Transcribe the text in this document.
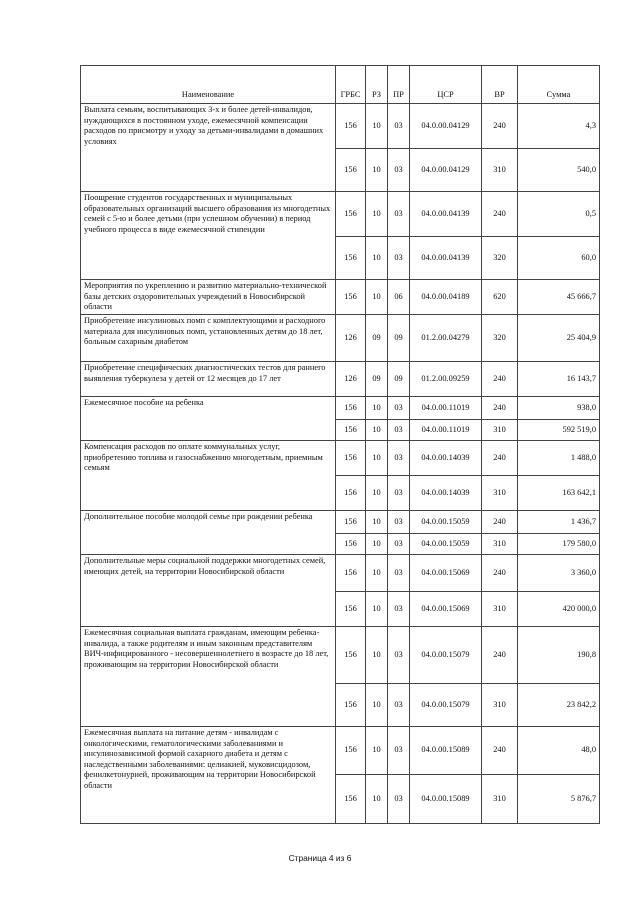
Наименование	ГРБС	РЗ	ПР	ЦСР	ВР	Сумма
Выплата семьям, воспитывающих 3-х и более детей-инвалидов, нуждающихся в постоянном уходе, ежемесячной компенсации расходов по присмотру и уходу за детьми-инвалидами в домашних условиях	156	10	03	04.0.00.04129	240	4,3
	156	10	03	04.0.00.04129	310	540,0
Поощрение студентов государственных и муниципальных образовательных организаций высшего образования из многодетных семей с 5-ю и более детьми (при успешном обучении) в период учебного процесса в виде ежемесячной стипендии	156	10	03	04.0.00.04139	240	0,5
	156	10	03	04.0.00.04139	320	60,0
Мероприятия по укреплению и развитию материально-технической базы детских оздоровительных учреждений в Новосибирской области	156	10	06	04.0.00.04189	620	45 666,7
Приобретение инсулиновых помп с комплектующими и расходного материала для инсулиновых помп, установленных детям до 18 лет, больным сахарным диабетом	126	09	09	01.2.00.04279	320	25 404,9
Приобретение специфических диагностических тестов для раннего выявления туберкулеза у детей от 12 месяцев до 17 лет	126	09	09	01.2.00.09259	240	16 143,7
Ежемесячное пособие на ребенка	156	10	03	04.0.00.11019	240	938,0
	156	10	03	04.0.00.11019	310	592 519,0
Компенсация расходов по оплате коммунальных услуг, приобретению топлива и газоснабжению многодетным, приемным семьям	156	10	03	04.0.00.14039	240	1 488,0
	156	10	03	04.0.00.14039	310	163 642,1
Дополнительное пособие молодой семье при рождении ребенка	156	10	03	04.0.00.15059	240	1 436,7
	156	10	03	04.0.00.15059	310	179 580,0
Дополнительные меры социальной поддержки многодетных семей, имеющих детей, на территории Новосибирской области	156	10	03	04.0.00.15069	240	3 360,0
	156	10	03	04.0.00.15069	310	420 000,0
Ежемесячная социальная выплата гражданам, имеющим ребенка-инвалида, а также родителям и иным законным представителям ВИЧ-инфицированного - несовершеннолетнего в возрасте до 18 лет, проживающим на территории Новосибирской области	156	10	03	04.0.00.15079	240	190,8
	156	10	03	04.0.00.15079	310	23 842,2
Ежемесячная выплата на питание детям - инвалидам с онкологическими, гематологическими заболеваниями и инсулинозависимой формой сахарного диабета и детям с наследственными заболеваниями: целиакией, муковисцидозом, фенилкетонурией, проживающим на территории Новосибирской области	156	10	03	04.0.00.15089	240	48,0
	156	10	03	04.0.00.15089	310	5 876,7
Страница 4 из 6
